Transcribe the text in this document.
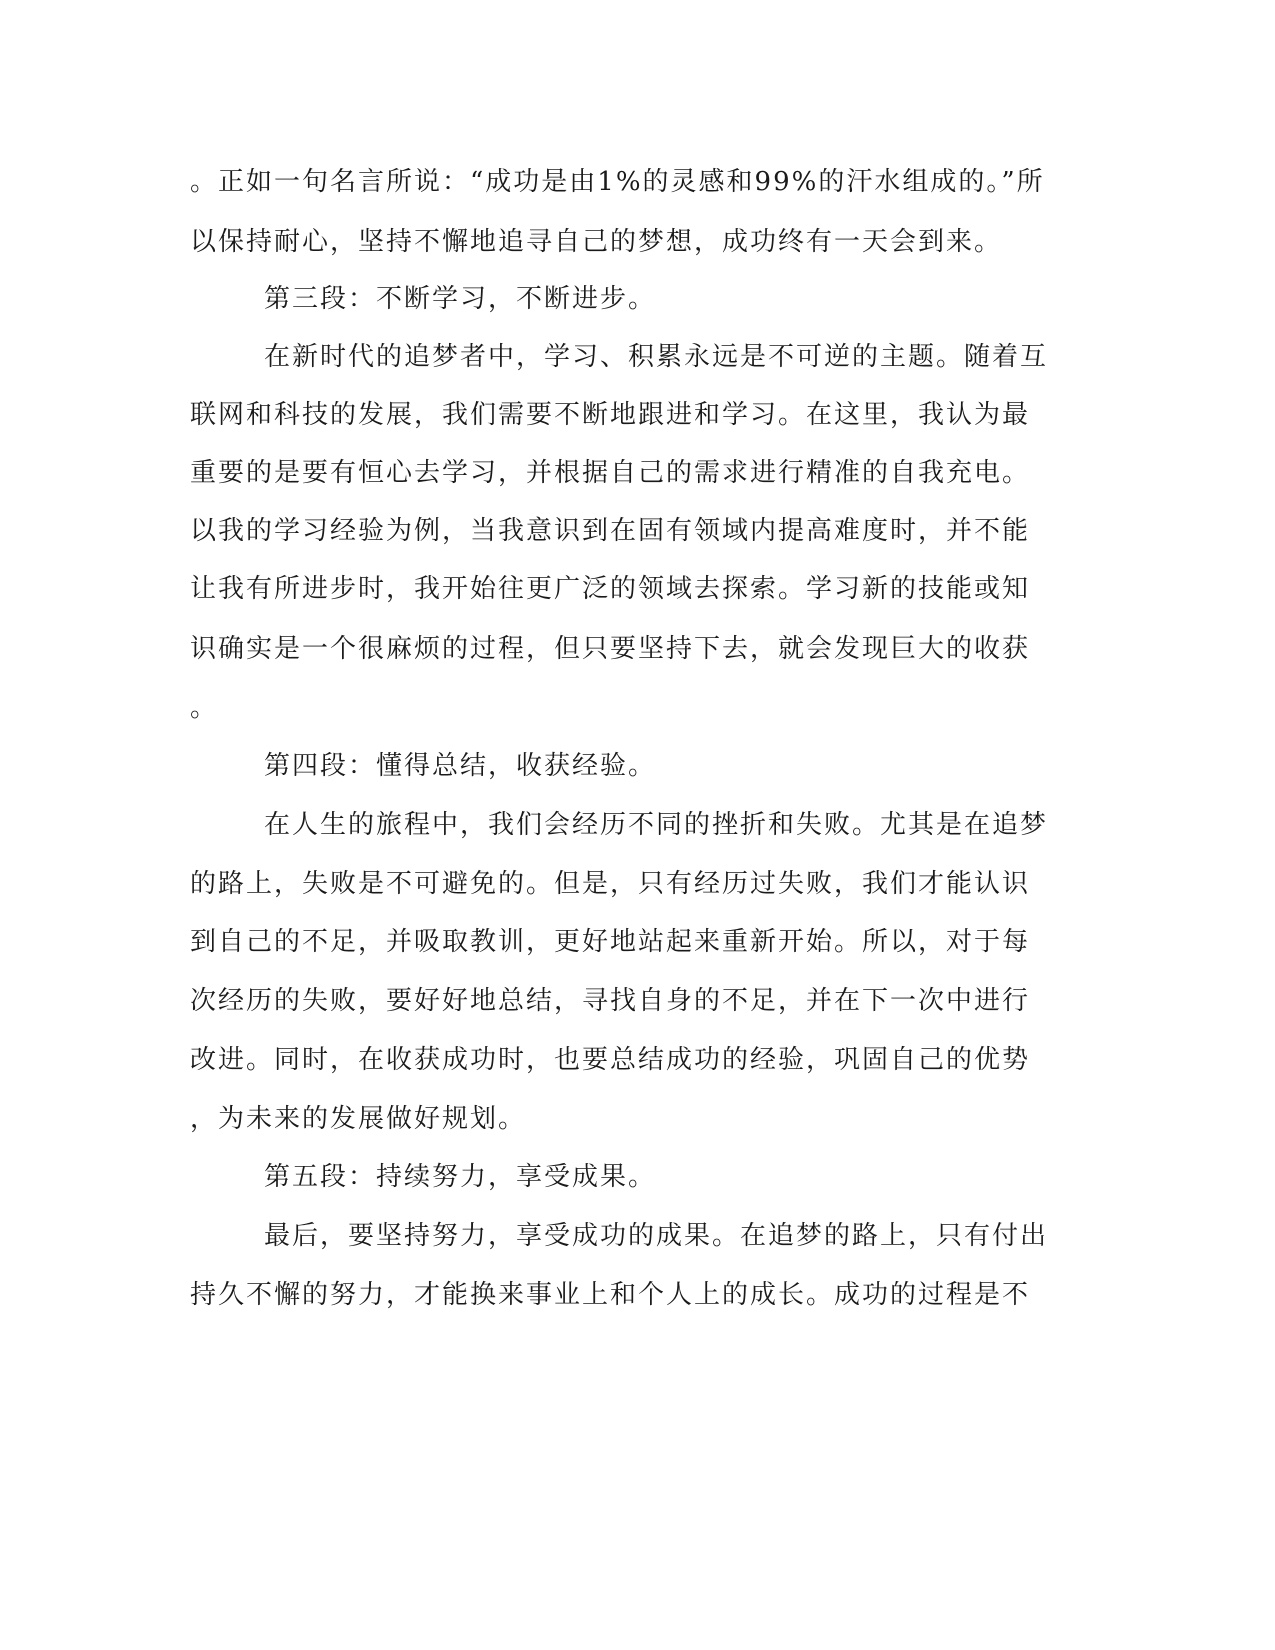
。正如一句名言所说：“成功是由1%的灵感和99%的汗水组成的。”所
以保持耐心，坚持不懈地追寻自己的梦想，成功终有一天会到来。
第三段：不断学习，不断进步。
在新时代的追梦者中，学习、积累永远是不可逆的主题。随着互
联网和科技的发展，我们需要不断地跟进和学习。在这里，我认为最
重要的是要有恒心去学习，并根据自己的需求进行精准的自我充电。
以我的学习经验为例，当我意识到在固有领域内提高难度时，并不能
让我有所进步时，我开始往更广泛的领域去探索。学习新的技能或知
识确实是一个很麻烦的过程，但只要坚持下去，就会发现巨大的收获
。
第四段：懂得总结，收获经验。
在人生的旅程中，我们会经历不同的挫折和失败。尤其是在追梦
的路上，失败是不可避免的。但是，只有经历过失败，我们才能认识
到自己的不足，并吸取教训，更好地站起来重新开始。所以，对于每
次经历的失败，要好好地总结，寻找自身的不足，并在下一次中进行
改进。同时，在收获成功时，也要总结成功的经验，巩固自己的优势
，为未来的发展做好规划。
第五段：持续努力，享受成果。
最后，要坚持努力，享受成功的成果。在追梦的路上，只有付出
持久不懈的努力，才能换来事业上和个人上的成长。成功的过程是不
